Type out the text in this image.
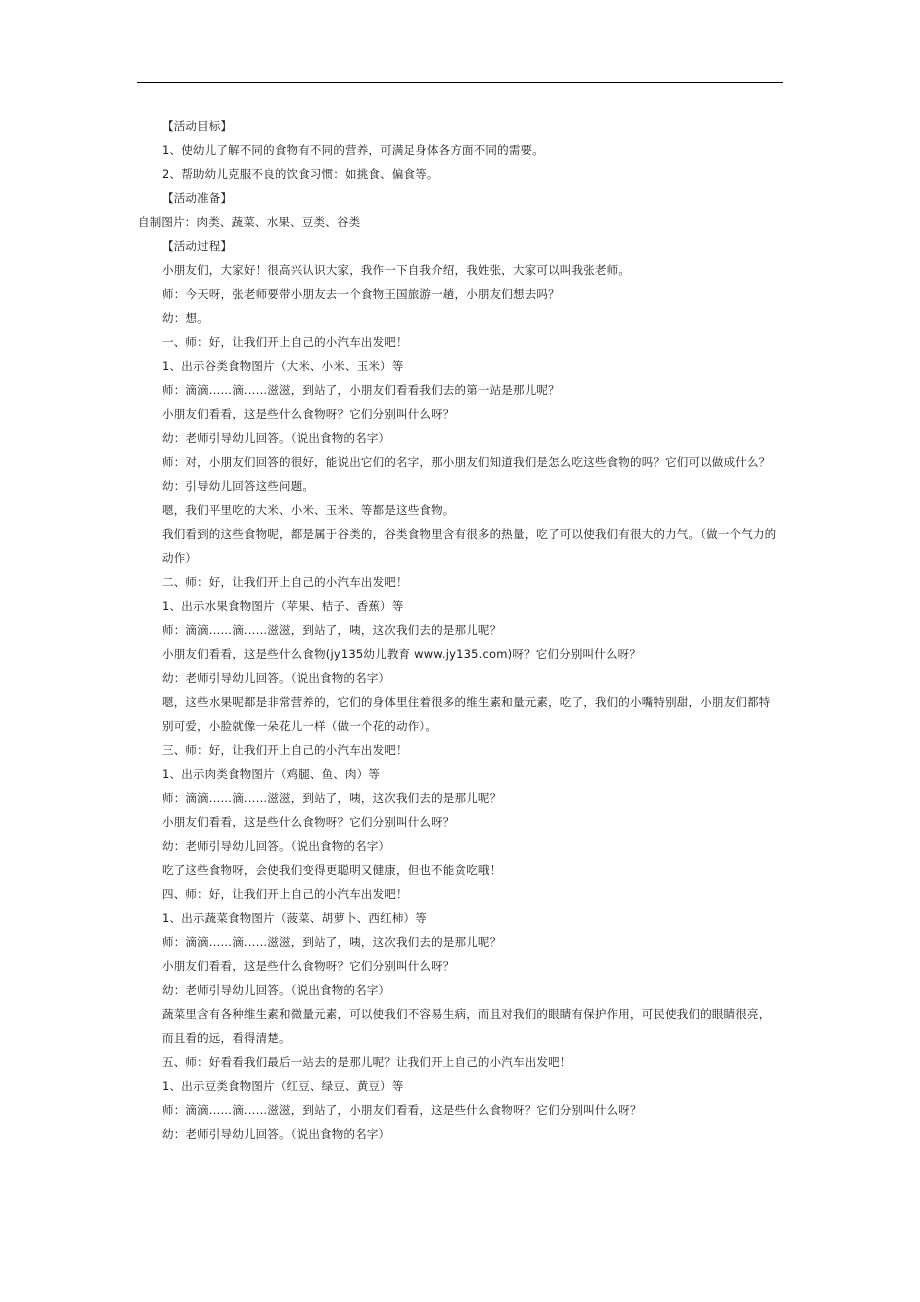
【活动目标】
1、使幼儿了解不同的食物有不同的营养，可满足身体各方面不同的需要。
2、帮助幼儿克服不良的饮食习惯：如挑食、偏食等。
【活动准备】
自制图片：肉类、蔬菜、水果、豆类、谷类
【活动过程】
小朋友们，大家好！很高兴认识大家，我作一下自我介绍，我姓张，大家可以叫我张老师。
师：今天呀，张老师要带小朋友去一个食物王国旅游一趟，小朋友们想去吗？
幼：想。
一、师：好，让我们开上自己的小汽车出发吧！
1、出示谷类食物图片（大米、小米、玉米）等
师：滴滴……滴……滋滋，到站了，小朋友们看看我们去的第一站是那儿呢？
小朋友们看看，这是些什么食物呀？它们分别叫什么呀？
幼：老师引导幼儿回答。（说出食物的名字）
师：对，小朋友们回答的很好，能说出它们的名字，那小朋友们知道我们是怎么吃这些食物的吗？它们可以做成什么？
幼：引导幼儿回答这些问题。
嗯，我们平里吃的大米、小米、玉米、等都是这些食物。
我们看到的这些食物呢，都是属于谷类的，谷类食物里含有很多的热量，吃了可以使我们有很大的力气。（做一个气力的动作）
二、师：好，让我们开上自己的小汽车出发吧！
1、出示水果食物图片（苹果、桔子、香蕉）等
师：滴滴……滴……滋滋，到站了，咦，这次我们去的是那儿呢？
小朋友们看看，这是些什么食物(jy135幼儿教育 www.jy135.com)呀？它们分别叫什么呀？
幼：老师引导幼儿回答。（说出食物的名字）
嗯，这些水果呢都是非常营养的，它们的身体里住着很多的维生素和量元素，吃了，我们的小嘴特别甜，小朋友们都特别可爱，小脸就像一朵花儿一样（做一个花的动作）。
三、师：好，让我们开上自己的小汽车出发吧！
1、出示肉类食物图片（鸡腿、鱼、肉）等
师：滴滴……滴……滋滋，到站了，咦，这次我们去的是那儿呢？
小朋友们看看，这是些什么食物呀？它们分别叫什么呀？
幼：老师引导幼儿回答。（说出食物的名字）
吃了这些食物呀，会使我们变得更聪明又健康，但也不能贪吃哦！
四、师：好，让我们开上自己的小汽车出发吧！
1、出示蔬菜食物图片（菠菜、胡萝卜、西红柿）等
师：滴滴……滴……滋滋，到站了，咦，这次我们去的是那儿呢？
小朋友们看看，这是些什么食物呀？它们分别叫什么呀？
幼：老师引导幼儿回答。（说出食物的名字）
蔬菜里含有各种维生素和微量元素，可以使我们不容易生病，而且对我们的眼睛有保护作用，可民使我们的眼睛很亮，而且看的远，看得清楚。
五、师：好看看我们最后一站去的是那儿呢？让我们开上自己的小汽车出发吧！
1、出示豆类食物图片（红豆、绿豆、黄豆）等
师：滴滴……滴……滋滋，到站了，小朋友们看看，这是些什么食物呀？它们分别叫什么呀？
幼：老师引导幼儿回答。（说出食物的名字）
